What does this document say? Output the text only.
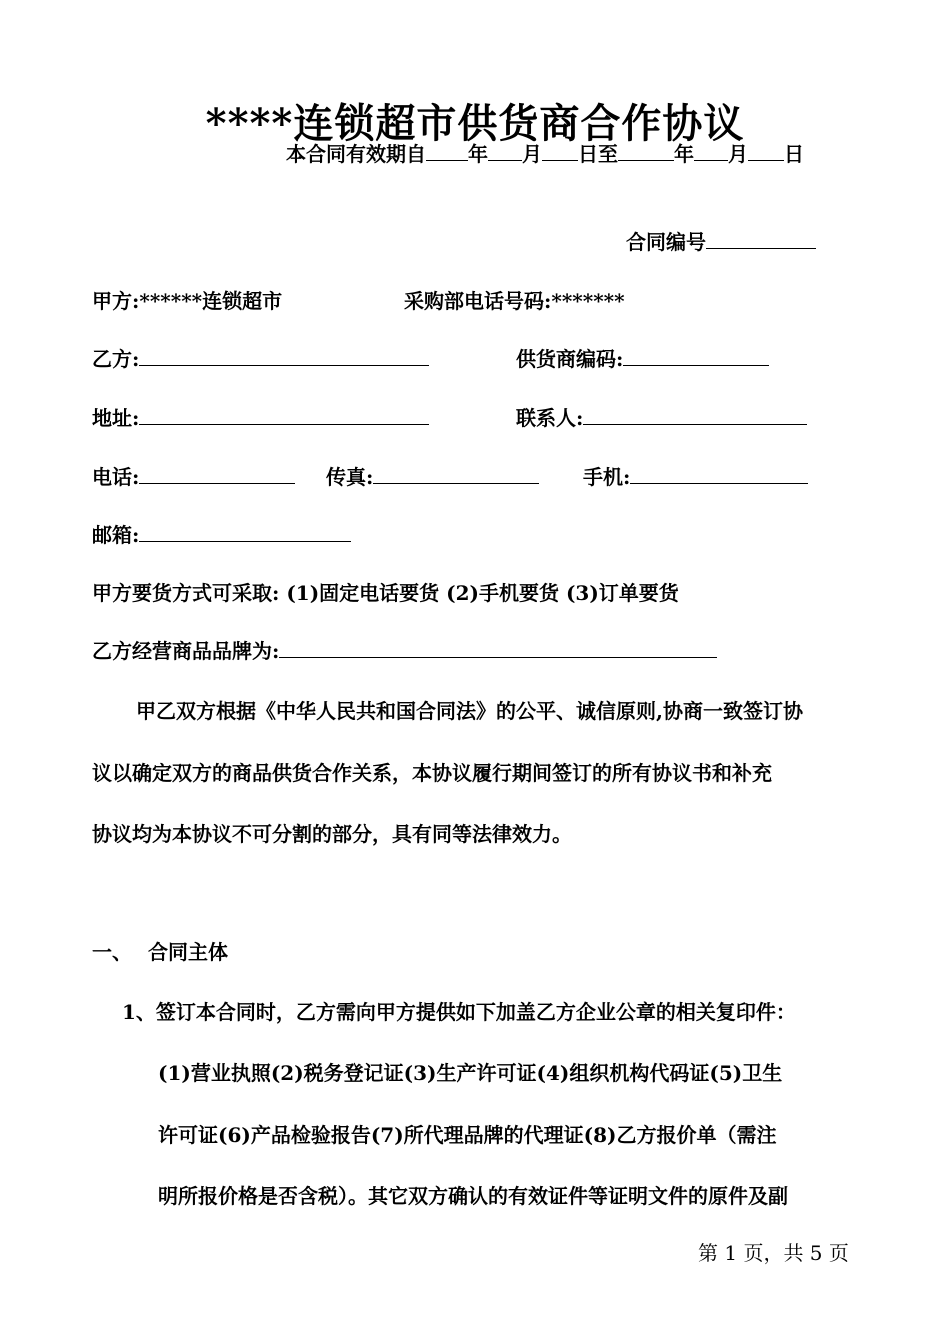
****连锁超市供货商合作协议
本合同有效期自 年 月 日至	年 月 日
合同编号
甲方:******连锁超市	采购部电话号码:*******
乙方:	供货商编码:
地址:	联系人:
电话:	传真:	手机:
邮箱:
甲方要货方式可采取: (1)固定电话要货 (2)手机要货 (3)订单要货
乙方经营商品品牌为:
甲乙双方根据《中华人民共和国合同法》的公平、诚信原则,协商一致签订协
议以确定双方的商品供货合作关系，本协议履行期间签订的所有协议书和补充
协议均为本协议不可分割的部分，具有同等法律效力。
一、 合同主体
1、签订本合同时，乙方需向甲方提供如下加盖乙方企业公章的相关复印件：
(1)营业执照(2)税务登记证(3)生产许可证(4)组织机构代码证(5)卫生
许可证(6)产品检验报告(7)所代理品牌的代理证(8)乙方报价单（需注
明所报价格是否含税）。其它双方确认的有效证件等证明文件的原件及副
第 1 页，共 5 页
